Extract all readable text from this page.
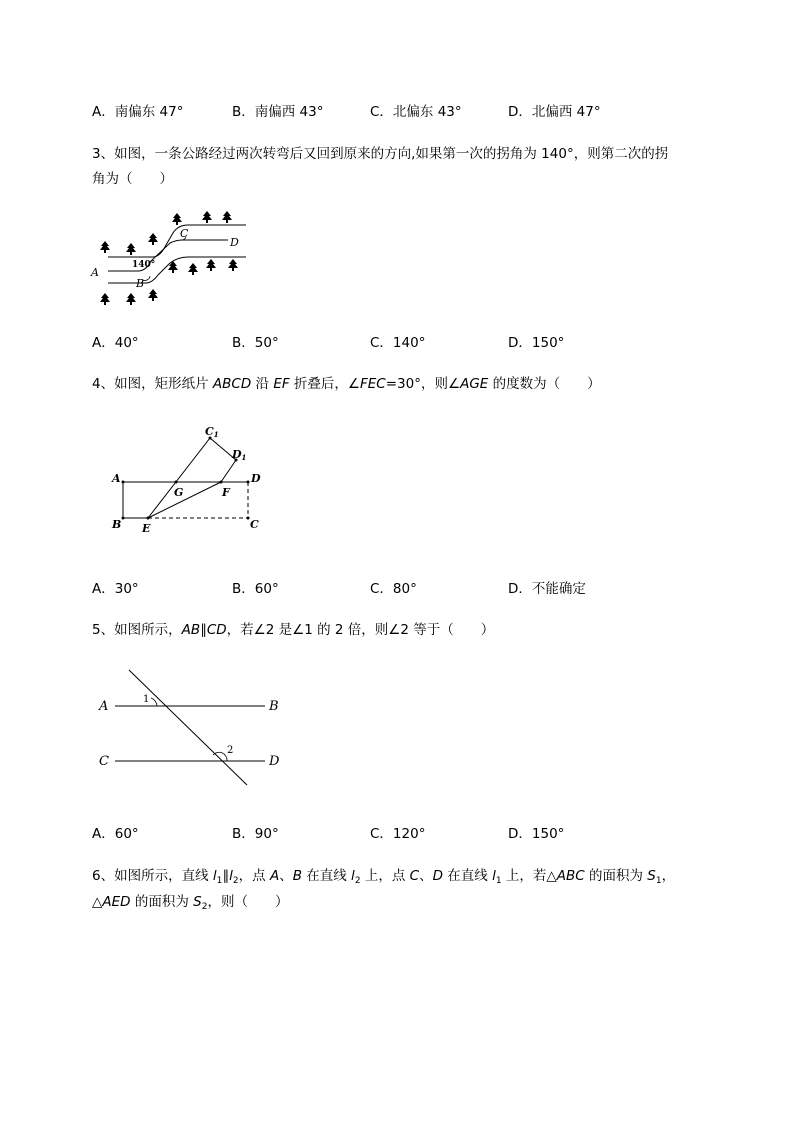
A．南偏东 47°	B．南偏西 43°	C．北偏东 43°	D．北偏西 47°
3、如图，一条公路经过两次转弯后又回到原来的方向,如果第一次的拐角为 140°，则第二次的拐
角为（　　）
A
B
C
D
140°
A．40°	B．50°	C．140°	D．150°
4、如图，矩形纸片 ABCD 沿 EF 折叠后，∠FEC=30°，则∠AGE 的度数为（　　）
A
B	C
D
E
F
G
C1
D1
A．30°	B．60°	C．80°	D．不能确定
5、如图所示，AB∥CD，若∠2 是∠1 的 2 倍，则∠2 等于（　　）
A	B
C	D
1
2
A．60°	B．90°	C．120°	D．150°
6、如图所示，直线 $l_1\parallel l_2$，点 A、B 在直线 $l_2$ 上，点 C、D 在直线 $l_1$ 上，若△ABC 的面积为 $S_1$，
△AED 的面积为 $S_2$，则（　　）
